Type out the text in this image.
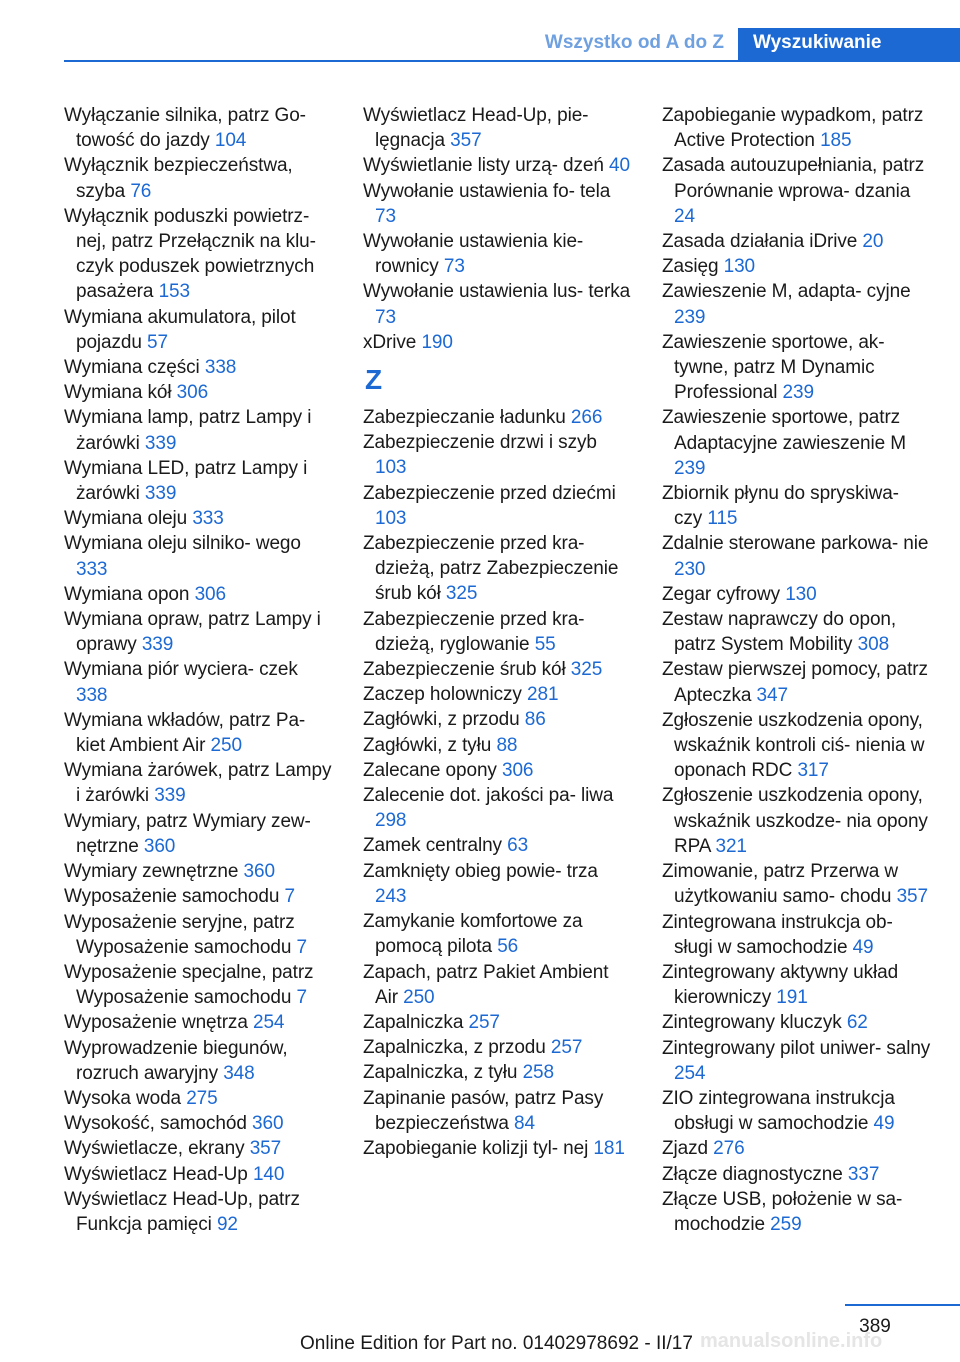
Wszystko od A do Z	Wyszukiwanie

Wyłączanie silnika, patrz Go‐ towość do jazdy 104

Wyłącznik bezpieczeństwa, szyba 76

Wyłącznik poduszki powietrz‐ nej, patrz Przełącznik na klu‐ czyk poduszek powietrznych pasażera 153

Wymiana akumulatora, pilot pojazdu 57

Wymiana części 338

Wymiana kół 306

Wymiana lamp, patrz Lampy i żarówki 339

Wymiana LED, patrz Lampy i żarówki 339

Wymiana oleju 333

Wymiana oleju silniko‐ wego 333

Wymiana opon 306

Wymiana opraw, patrz Lampy i oprawy 339

Wymiana piór wyciera‐ czek 338

Wymiana wkładów, patrz Pa‐ kiet Ambient Air 250

Wymiana żarówek, patrz Lampy i żarówki 339

Wymiary, patrz Wymiary zew‐ nętrzne 360

Wymiary zewnętrzne 360

Wyposażenie samochodu 7

Wyposażenie seryjne, patrz Wyposażenie samochodu 7

Wyposażenie specjalne, patrz Wyposażenie samochodu 7

Wyposażenie wnętrza 254

Wyprowadzenie biegunów, rozruch awaryjny 348

Wysoka woda 275

Wysokość, samochód 360

Wyświetlacze, ekrany 357

Wyświetlacz Head-Up 140

Wyświetlacz Head-Up, patrz Funkcja pamięci 92

Wyświetlacz Head-Up, pie‐ lęgnacja 357

Wyświetlanie listy urzą‐ dzeń 40

Wywołanie ustawienia fo‐ tela 73

Wywołanie ustawienia kie‐ rownicy 73

Wywołanie ustawienia lus‐ terka 73

xDrive 190

Z

Zabezpieczanie ładunku 266

Zabezpieczenie drzwi i szyb 103

Zabezpieczenie przed dziećmi 103

Zabezpieczenie przed kra‐ dzieżą, patrz Zabezpieczenie śrub kół 325

Zabezpieczenie przed kra‐ dzieżą, ryglowanie 55

Zabezpieczenie śrub kół 325

Zaczep holowniczy 281

Zagłówki, z przodu 86

Zagłówki, z tyłu 88

Zalecane opony 306

Zalecenie dot. jakości pa‐ liwa 298

Zamek centralny 63

Zamknięty obieg powie‐ trza 243

Zamykanie komfortowe za pomocą pilota 56

Zapach, patrz Pakiet Ambient Air 250

Zapalniczka 257

Zapalniczka, z przodu 257

Zapalniczka, z tyłu 258

Zapinanie pasów, patrz Pasy bezpieczeństwa 84

Zapobieganie kolizji tyl‐ nej 181

Zapobieganie wypadkom, patrz Active Protection 185

Zasada autouzupełniania, patrz Porównanie wprowa‐ dzania 24

Zasada działania iDrive 20

Zasięg 130

Zawieszenie M, adapta‐ cyjne 239

Zawieszenie sportowe, ak‐ tywne, patrz M Dynamic Professional 239

Zawieszenie sportowe, patrz Adaptacyjne zawieszenie M 239

Zbiornik płynu do spryskiwa‐ czy 115

Zdalnie sterowane parkowa‐ nie 230

Zegar cyfrowy 130

Zestaw naprawczy do opon, patrz System Mobility 308

Zestaw pierwszej pomocy, patrz Apteczka 347

Zgłoszenie uszkodzenia opony, wskaźnik kontroli ciś‐ nienia w oponach RDC 317

Zgłoszenie uszkodzenia opony, wskaźnik uszkodze‐ nia opony RPA 321

Zimowanie, patrz Przerwa w użytkowaniu samo‐ chodu 357

Zintegrowana instrukcja ob‐ sługi w samochodzie 49

Zintegrowany aktywny układ kierowniczy 191

Zintegrowany kluczyk 62

Zintegrowany pilot uniwer‐ salny 254

ZIO zintegrowana instrukcja obsługi w samochodzie 49

Zjazd 276

Złącze diagnostyczne 337

Złącze USB, położenie w sa‐ mochodzie 259

389
manualsonline.info
Online Edition for Part no. 01402978692 - II/17
